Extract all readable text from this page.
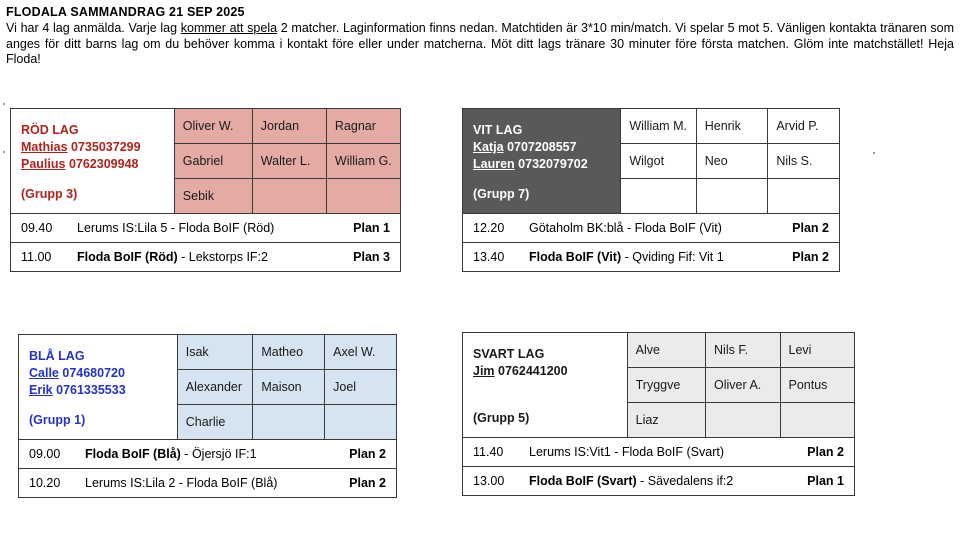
FLODALA SAMMANDRAG 21 SEP 2025
Vi har 4 lag anmälda. Varje lag kommer att spela 2 matcher. Laginformation finns nedan. Matchtiden är 3*10 min/match. Vi spelar 5 mot 5. Vänligen kontakta tränaren som anges för ditt barns lag om du behöver komma i kontakt före eller under matcherna. Möt ditt lags tränare 30 minuter före första matchen. Glöm inte matchstället! Heja Floda!
RÖD LAG
Mathias 0735037299
Paulius 0762309948
(Grupp 3)	Oliver W.	Jordan	Ragnar
	Gabriel	Walter L.	William G.
	Sebik		

09.40 Lerums IS:Lila 5 - Floda BoIF (Röd) Plan 1			

11.00 Floda BoIF (Röd) - Lekstorps IF:2 Plan 3			
VIT LAG
Katja 0707208557
Lauren 0732079702
(Grupp 7)	William M.	Henrik	Arvid P.
	Wilgot	Neo	Nils S.

12.20 Götaholm BK:blå - Floda BoIF (Vit) Plan 2			

13.40 Floda BoIF (Vit) - Qviding Fif: Vit 1 Plan 2			
BLÅ LAG
Calle 074680720
Erik 0761335533
(Grupp 1)	Isak	Matheo	Axel W.
	Alexander	Maison	Joel
	Charlie		

09.00 Floda BoIF (Blå) - Öjersjö IF:1 Plan 2			

10.20 Lerums IS:Lila 2 - Floda BoIF (Blå) Plan 2			
SVART LAG
Jim 0762441200

(Grupp 5)	Alve	Nils F.	Levi
	Tryggve	Oliver A.	Pontus
	Liaz		

11.40 Lerums IS:Vit1 - Floda BoIF (Svart) Plan 2			

13.00 Floda BoIF (Svart) - Sävedalens if:2 Plan 1			
